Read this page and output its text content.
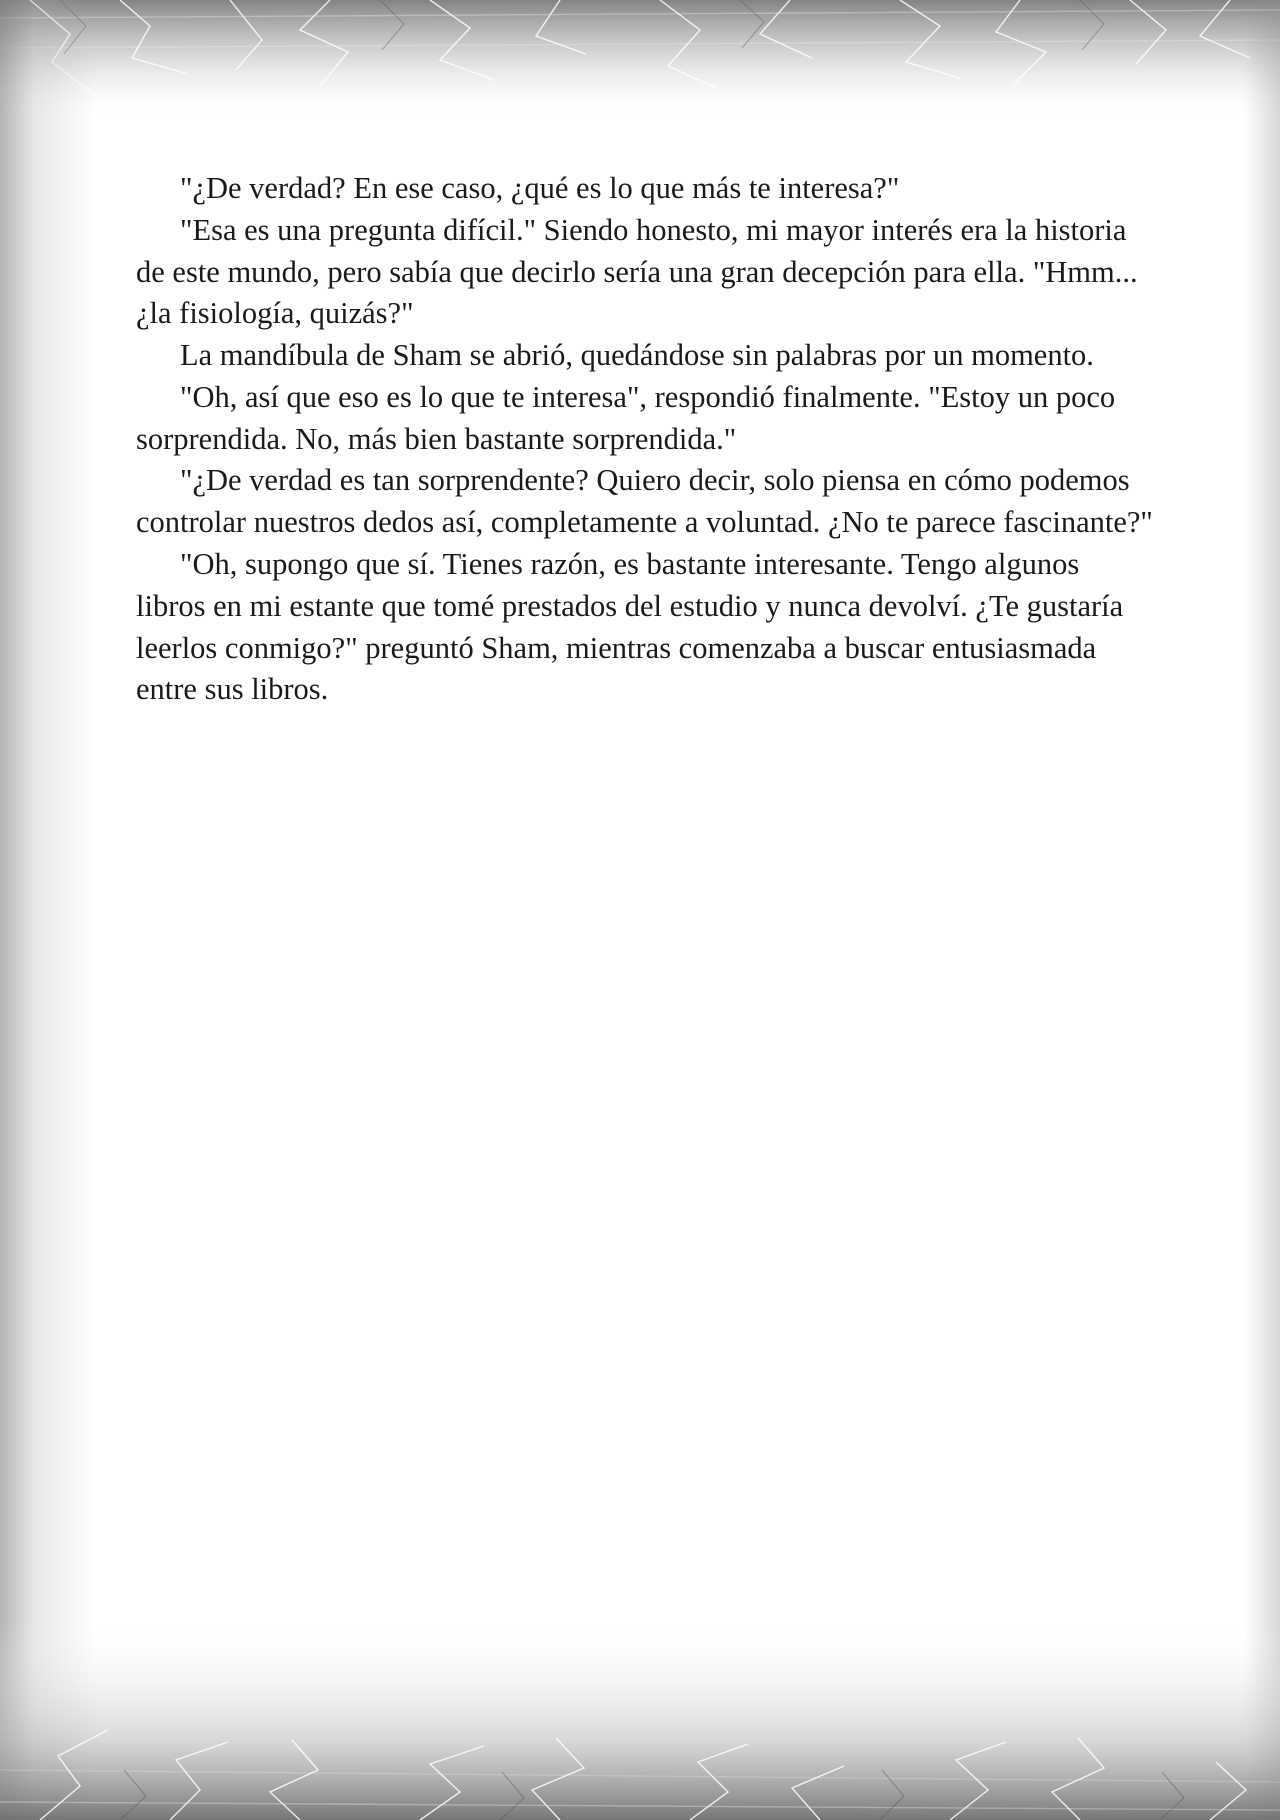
"¿De verdad? En ese caso, ¿qué es lo que más te interesa?"

"Esa es una pregunta difícil." Siendo honesto, mi mayor interés era la historia de este mundo, pero sabía que decirlo sería una gran decepción para ella. "Hmm... ¿la fisiología, quizás?"

La mandíbula de Sham se abrió, quedándose sin palabras por un momento.

"Oh, así que eso es lo que te interesa", respondió finalmente. "Estoy un poco sorprendida. No, más bien bastante sorprendida."

"¿De verdad es tan sorprendente? Quiero decir, solo piensa en cómo podemos controlar nuestros dedos así, completamente a voluntad. ¿No te parece fascinante?"

"Oh, supongo que sí. Tienes razón, es bastante interesante. Tengo algunos libros en mi estante que tomé prestados del estudio y nunca devolví. ¿Te gustaría leerlos conmigo?" preguntó Sham, mientras comenzaba a buscar entusiasmada entre sus libros.
